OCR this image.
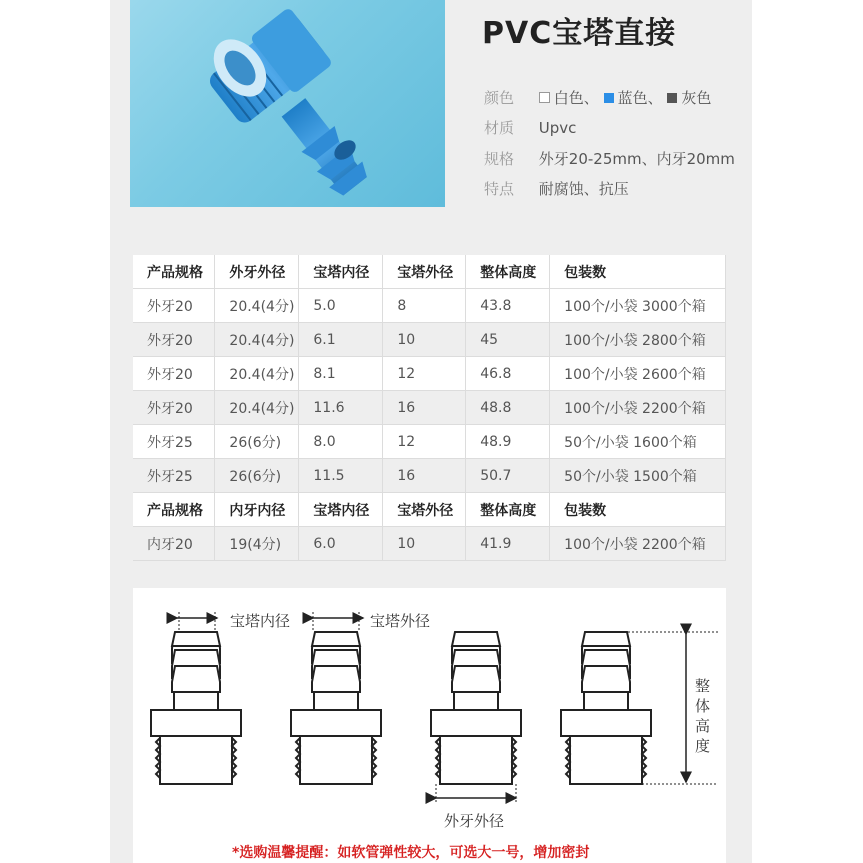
PVC宝塔直接
颜色	白色、 蓝色、 灰色
材质 Upvc
规格 外牙20-25mm、内牙20mm
特点 耐腐蚀、抗压
产品规格	外牙外径	宝塔内径	宝塔外径	整体高度	包装数
外牙20	20.4(4分)	5.0	8	43.8	100个/小袋 3000个箱
外牙20	20.4(4分)	6.1	10	45	100个/小袋 2800个箱
外牙20	20.4(4分)	8.1	12	46.8	100个/小袋 2600个箱
外牙20	20.4(4分)	11.6	16	48.8	100个/小袋 2200个箱
外牙25	26(6分)	8.0	12	48.9	50个/小袋 1600个箱
外牙25	26(6分)	11.5	16	50.7	50个/小袋 1500个箱
产品规格	内牙内径	宝塔内径	宝塔外径	整体高度	包装数
内牙20	19(4分)	6.0	10	41.9	100个/小袋 2200个箱
宝塔内径	宝塔外径
外牙外径
整
体
高
度
*选购温馨提醒：如软管弹性较大，可选大一号，增加密封
